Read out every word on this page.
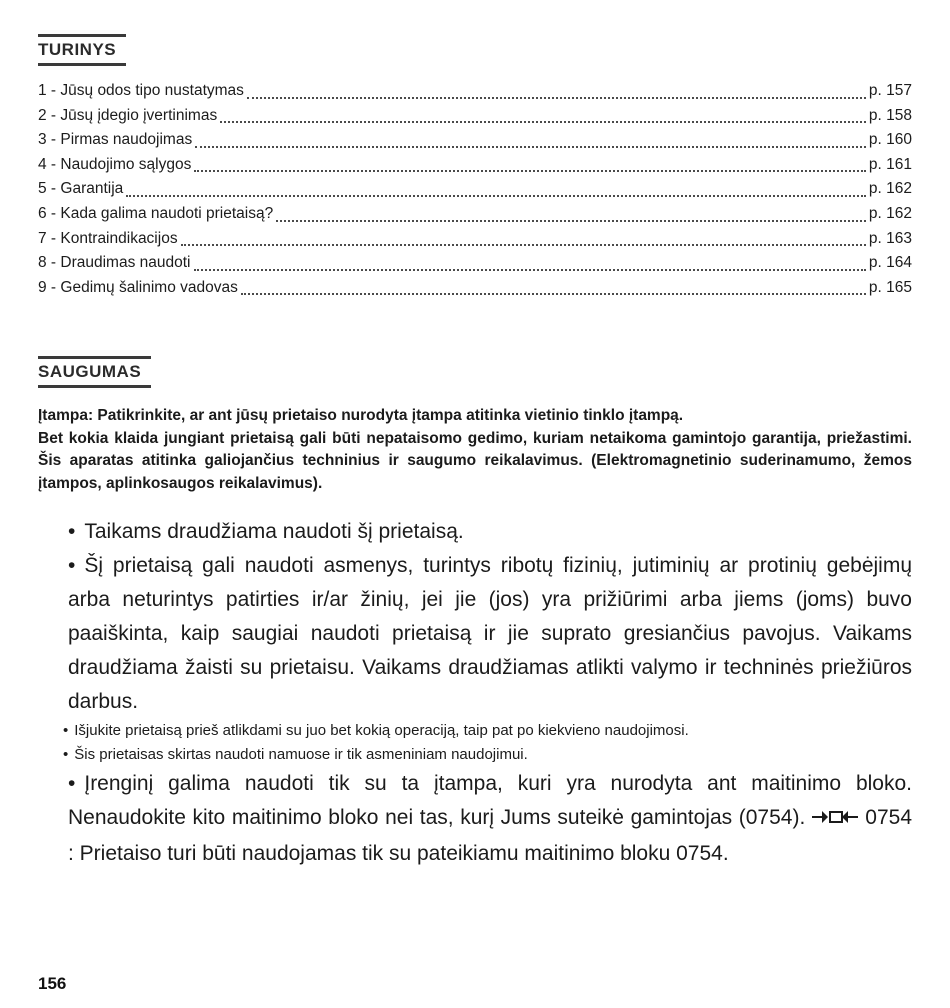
TURINYS
1 - Jūsų odos tipo nustatymas	p. 157
2 - Jūsų įdegio įvertinimas	p. 158
3 - Pirmas naudojimas	p. 160
4 - Naudojimo sąlygos	p. 161
5 - Garantija	p. 162
6 - Kada galima naudoti prietaisą?	p. 162
7 - Kontraindikacijos	p. 163
8 - Draudimas naudoti	p. 164
9 - Gedimų šalinimo vadovas	p. 165
SAUGUMAS

Įtampa: Patikrinkite, ar ant jūsų prietaiso nurodyta įtampa atitinka vietinio tinklo įtampą.
Bet kokia klaida jungiant prietaisą gali būti nepataisomo gedimo, kuriam netaikoma gamintojo garantija, priežastimi. Šis aparatas atitinka galiojančius techninius ir saugumo reikalavimus. (Elektromagnetinio suderinamumo, žemos įtampos, aplinkosaugos reikalavimus).

• Taikams draudžiama naudoti šį prietaisą.

• Šį prietaisą gali naudoti asmenys, turintys ribotų fizinių, jutiminių ar protinių gebėjimų arba neturintys patirties ir/ar žinių, jei jie (jos) yra prižiūrimi arba jiems (joms) buvo paaiškinta, kaip saugiai naudoti prietaisą ir jie suprato gresiančius pavojus. Vaikams draudžiama žaisti su prietaisu. Vaikams draudžiamas atlikti valymo ir techninės priežiūros darbus.

• Išjukite prietaisą prieš atlikdami su juo bet kokią operaciją, taip pat po kiekvieno naudojimosi.

• Šis prietaisas skirtas naudoti namuose ir tik asmeniniam naudojimui.

• Įrenginį galima naudoti tik su ta įtampa, kuri yra nurodyta ant maitinimo bloko. Nenaudokite kito maitinimo bloko nei tas, kurį Jums suteikė gamintojas (0754).	0754 : Prietaiso turi būti naudojamas tik su pateikiamu maitinimo bloku 0754.

156
